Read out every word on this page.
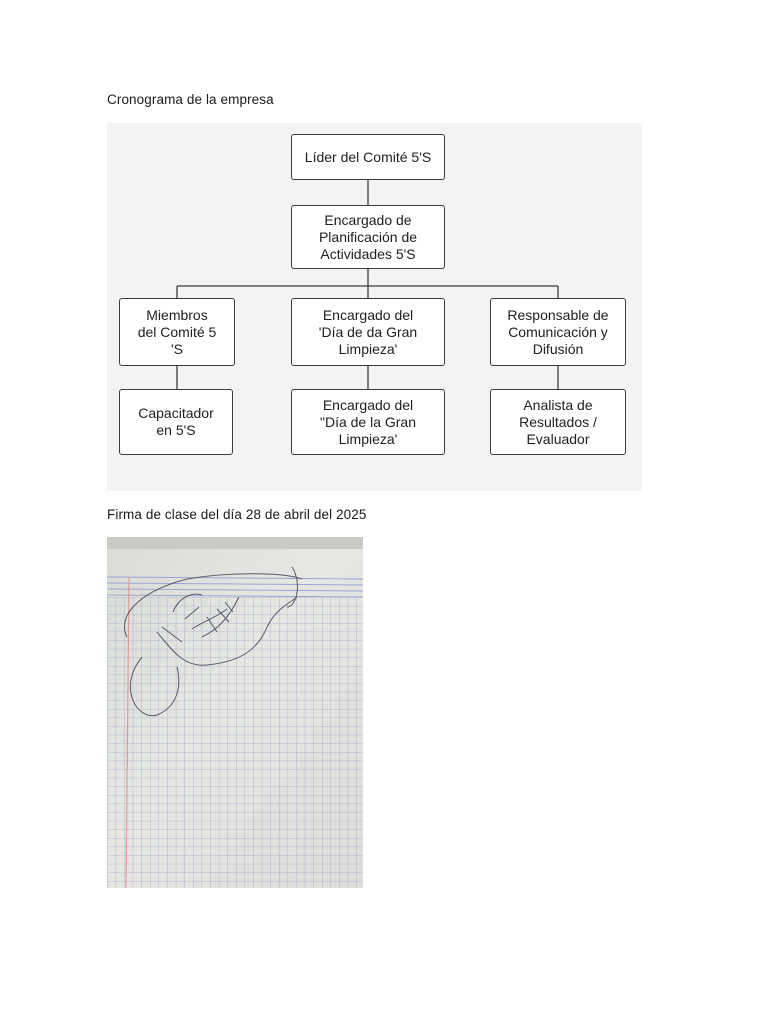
Cronograma de la empresa
Líder del Comité 5'S
Encargado de
Planificación de
Actividades 5'S
Miembros
del Comité 5
'S
Encargado del
'Día de da Gran
Limpieza'
Responsable de
Comunicación y
Difusión
Capacitador
en 5'S
Encargado del
"Día de la Gran
Limpieza'
Analista de
Resultados /
Evaluador
Firma de clase del día 28 de abril del 2025
